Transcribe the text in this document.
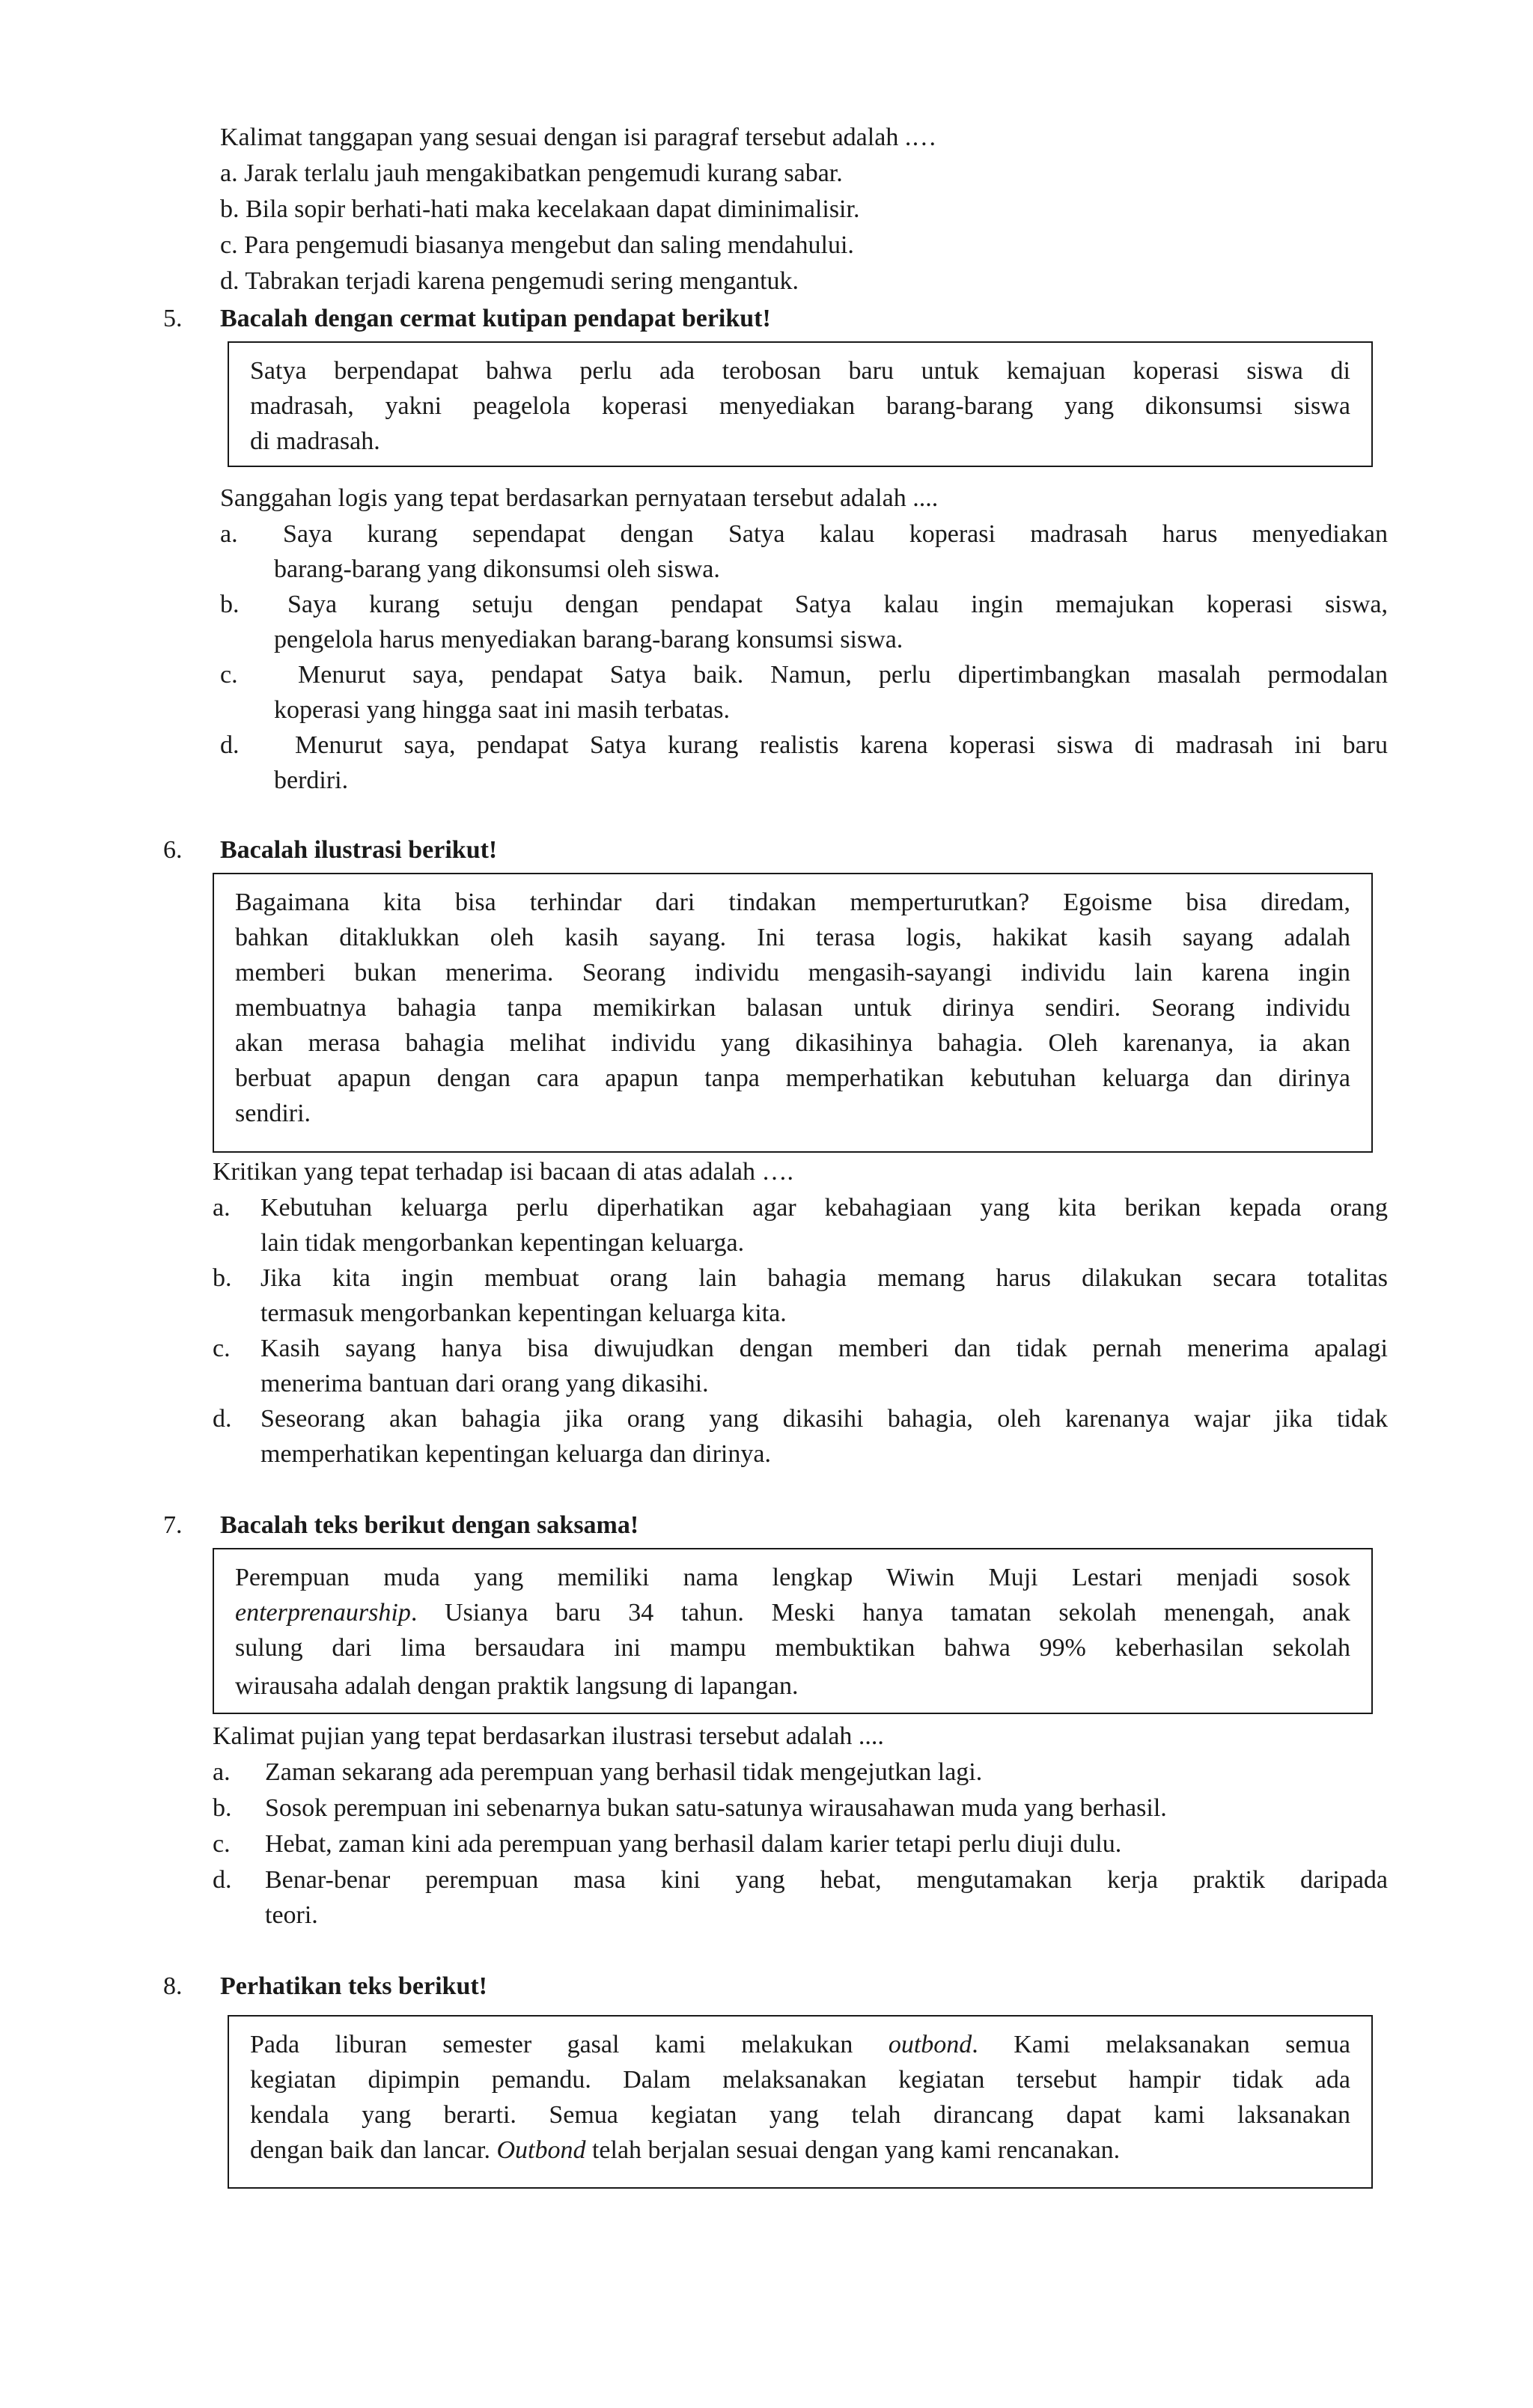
Kalimat tanggapan yang sesuai dengan isi paragraf tersebut adalah .…
a. Jarak terlalu jauh mengakibatkan pengemudi kurang sabar.
b. Bila sopir berhati-hati maka kecelakaan dapat diminimalisir.
c. Para pengemudi biasanya mengebut dan saling mendahului.
d. Tabrakan terjadi karena pengemudi sering mengantuk.
5. Bacalah dengan cermat kutipan pendapat berikut!
Satya berpendapat bahwa perlu ada terobosan baru untuk kemajuan koperasi siswa di
madrasah, yakni peagelola koperasi menyediakan barang-barang yang dikonsumsi siswa
di madrasah.
Sanggahan logis yang tepat berdasarkan pernyataan tersebut adalah ....
a.	Saya kurang sependapat dengan Satya kalau koperasi madrasah harus menyediakan
barang-barang yang dikonsumsi oleh siswa.
b.	Saya kurang setuju dengan pendapat Satya kalau ingin memajukan koperasi siswa,
pengelola harus menyediakan barang-barang konsumsi siswa.
c.	Menurut saya, pendapat Satya baik. Namun, perlu dipertimbangkan masalah permodalan
koperasi yang hingga saat ini masih terbatas.
d.	Menurut saya, pendapat Satya kurang realistis karena koperasi siswa di madrasah ini baru
berdiri.
6. Bacalah ilustrasi berikut!
Bagaimana kita bisa terhindar dari tindakan memperturutkan? Egoisme bisa diredam,
bahkan ditaklukkan oleh kasih sayang. Ini terasa logis, hakikat kasih sayang adalah
memberi bukan menerima. Seorang individu mengasih-sayangi individu lain karena ingin
membuatnya bahagia tanpa memikirkan balasan untuk dirinya sendiri. Seorang individu
akan merasa bahagia melihat individu yang dikasihinya bahagia. Oleh karenanya, ia akan
berbuat apapun dengan cara apapun tanpa memperhatikan kebutuhan keluarga dan dirinya
sendiri.
Kritikan yang tepat terhadap isi bacaan di atas adalah ….
a. Kebutuhan keluarga perlu diperhatikan agar kebahagiaan yang kita berikan kepada orang
lain tidak mengorbankan kepentingan keluarga.
b. Jika kita ingin membuat orang lain bahagia memang harus dilakukan secara totalitas
termasuk mengorbankan kepentingan keluarga kita.
c. Kasih sayang hanya bisa diwujudkan dengan memberi dan tidak pernah menerima apalagi
menerima bantuan dari orang yang dikasihi.
d. Seseorang akan bahagia jika orang yang dikasihi bahagia, oleh karenanya wajar jika tidak
memperhatikan kepentingan keluarga dan dirinya.
7. Bacalah teks berikut dengan saksama!
Perempuan muda yang memiliki nama lengkap Wiwin Muji Lestari menjadi sosok
enterprenaurship. Usianya baru 34 tahun. Meski hanya tamatan sekolah menengah, anak
sulung dari lima bersaudara ini mampu membuktikan bahwa 99% keberhasilan sekolah
wirausaha adalah dengan praktik langsung di lapangan.
Kalimat pujian yang tepat berdasarkan ilustrasi tersebut adalah ....
a. Zaman sekarang ada perempuan yang berhasil tidak mengejutkan lagi.
b. Sosok perempuan ini sebenarnya bukan satu-satunya wirausahawan muda yang berhasil.
c. Hebat, zaman kini ada perempuan yang berhasil dalam karier tetapi perlu diuji dulu.
d. Benar-benar perempuan masa kini yang hebat, mengutamakan kerja praktik daripada
teori.
8. Perhatikan teks berikut!
Pada liburan semester gasal kami melakukan outbond. Kami melaksanakan semua
kegiatan dipimpin pemandu. Dalam melaksanakan kegiatan tersebut hampir tidak ada
kendala yang berarti. Semua kegiatan yang telah dirancang dapat kami laksanakan
dengan baik dan lancar. Outbond telah berjalan sesuai dengan yang kami rencanakan.
